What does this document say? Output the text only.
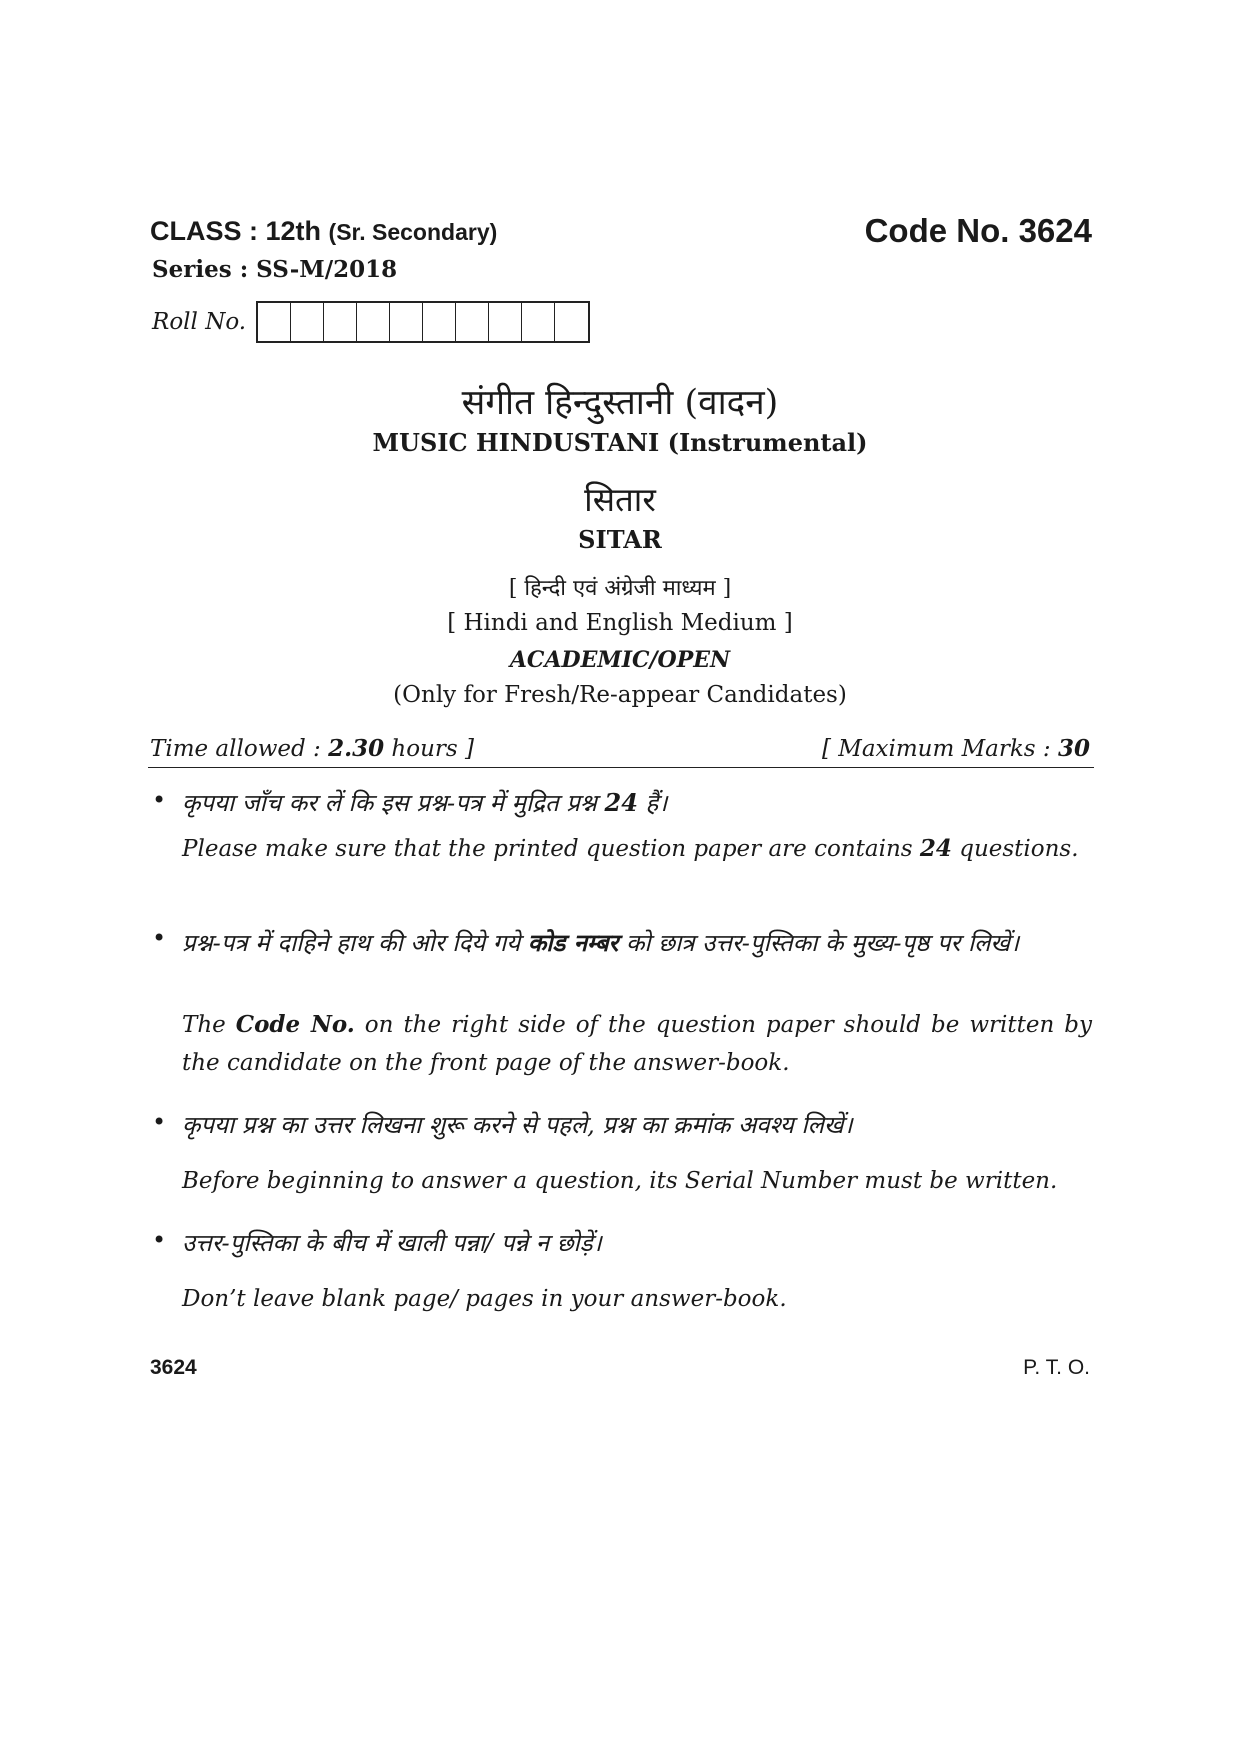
CLASS : 12th (Sr. Secondary)	Code No. 3624
Series : SS-M/2018
Roll No.
संगीत हिन्दुस्तानी (वादन)
MUSIC HINDUSTANI (Instrumental)
सितार
SITAR
[ हिन्दी एवं अंग्रेजी माध्यम ]
[ Hindi and English Medium ]
ACADEMIC/OPEN
(Only for Fresh/Re-appear Candidates)
Time allowed : 2.30 hours ]	[ Maximum Marks : 30
• कृपया जाँच कर लें कि इस प्रश्न-पत्र में मुद्रित प्रश्न 24 हैं।
Please make sure that the printed question paper are contains 24 questions.
• प्रश्न-पत्र में दाहिने हाथ की ओर दिये गये कोड नम्बर को छात्र उत्तर-पुस्तिका के मुख्य-पृष्ठ पर लिखें।
The Code No. on the right side of the question paper should be written by the candidate on the front page of the answer-book.
• कृपया प्रश्न का उत्तर लिखना शुरू करने से पहले, प्रश्न का क्रमांक अवश्य लिखें।
Before beginning to answer a question, its Serial Number must be written.
• उत्तर-पुस्तिका के बीच में खाली पन्ना/ पन्ने न छोड़ें।
Don’t leave blank page/ pages in your answer-book.
3624	P. T. O.
